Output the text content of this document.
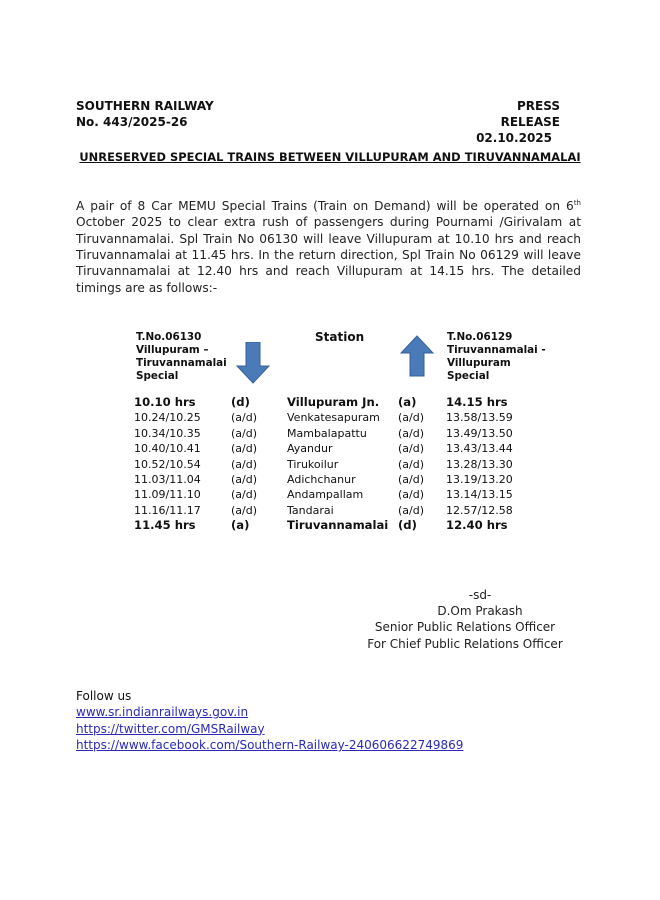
SOUTHERN RAILWAY
No. 443/2025-26
PRESS RELEASE
02.10.2025
UNRESERVED SPECIAL TRAINS BETWEEN VILLUPURAM AND TIRUVANNAMALAI
A pair of 8 Car MEMU Special Trains (Train on Demand) will be operated on 6th October 2025 to clear extra rush of passengers during Pournami /Girivalam at Tiruvannamalai. Spl Train No 06130 will leave Villupuram at 10.10 hrs and reach Tiruvannamalai at 11.45 hrs. In the return direction, Spl Train No 06129 will leave Tiruvannamalai at 12.40 hrs and reach Villupuram at 14.15 hrs. The detailed timings are as follows:-
T.No.06130
Villupuram –
Tiruvannamalai
Special
Station	T.No.06129
Tiruvannamalai -
Villupuram
Special
10.10 hrs	(d)	Villupuram Jn.	(a)	14.15 hrs
10.24/10.25	(a/d)	Venkatesapuram	(a/d)	13.58/13.59
10.34/10.35	(a/d)	Mambalapattu	(a/d)	13.49/13.50
10.40/10.41	(a/d)	Ayandur	(a/d)	13.43/13.44
10.52/10.54	(a/d)	Tirukoilur	(a/d)	13.28/13.30
11.03/11.04	(a/d)	Adichchanur	(a/d)	13.19/13.20
11.09/11.10	(a/d)	Andampallam	(a/d)	13.14/13.15
11.16/11.17	(a/d)	Tandarai	(a/d)	12.57/12.58
11.45 hrs	(a)	Tiruvannamalai	(d)	12.40 hrs
-sd-
D.Om Prakash
Senior Public Relations Officer
For Chief Public Relations Officer
Follow us
www.sr.indianrailways.gov.in
https://twitter.com/GMSRailway
https://www.facebook.com/Southern-Railway-240606622749869
